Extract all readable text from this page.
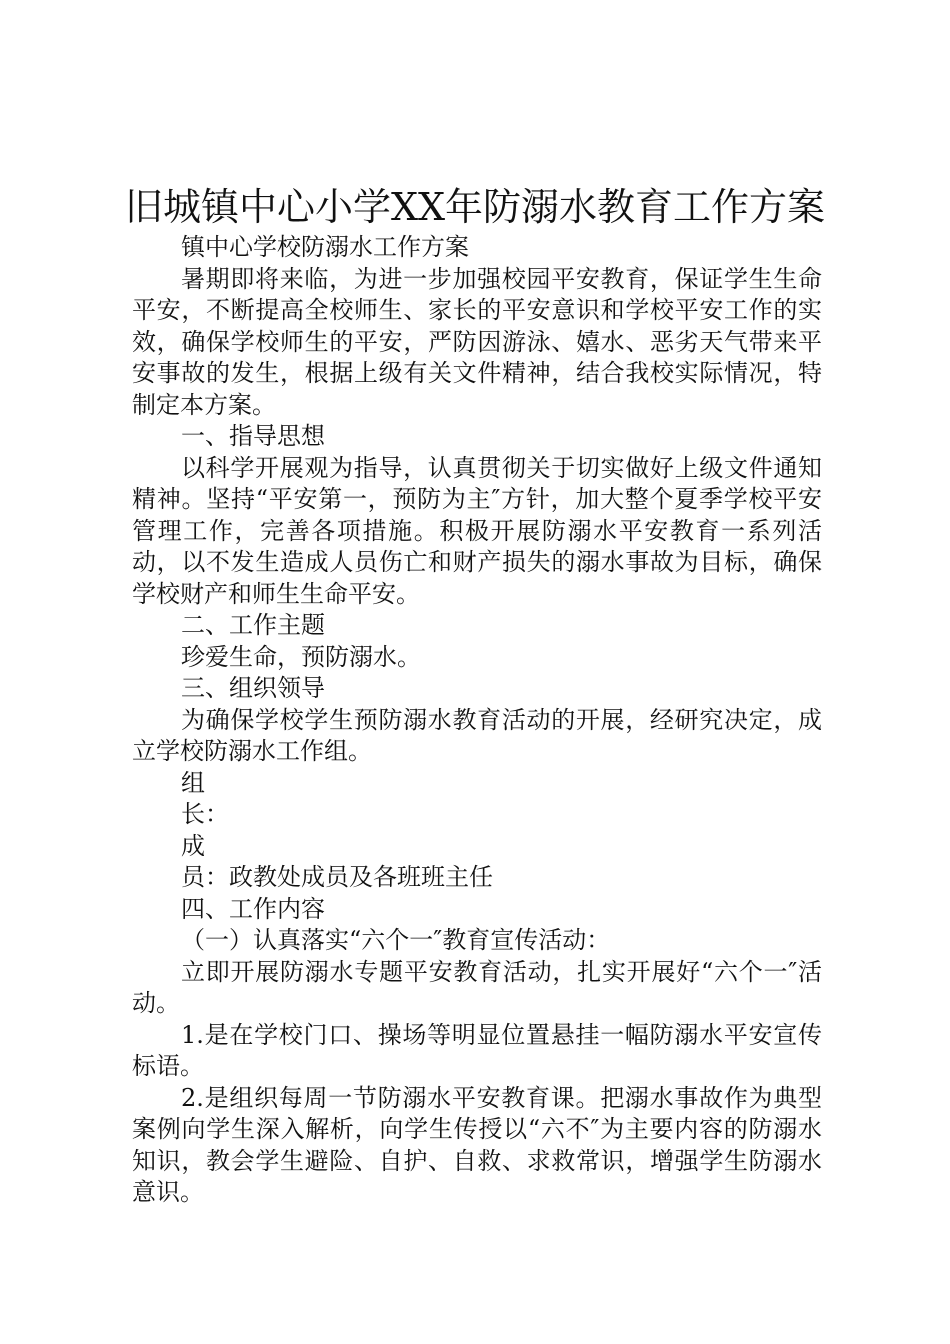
旧城镇中心小学XX年防溺水教育工作方案

镇中心学校防溺水工作方案

暑期即将来临，为进一步加强校园平安教育，保证学生生命平安，不断提高全校师生、家长的平安意识和学校平安工作的实效，确保学校师生的平安，严防因游泳、嬉水、恶劣天气带来平安事故的发生，根据上级有关文件精神，结合我校实际情况，特制定本方案。

一、指导思想

以科学开展观为指导，认真贯彻关于切实做好上级文件通知精神。坚持“平安第一，预防为主″方针，加大整个夏季学校平安管理工作，完善各项措施。积极开展防溺水平安教育一系列活动，以不发生造成人员伤亡和财产损失的溺水事故为目标，确保学校财产和师生生命平安。

二、工作主题

珍爱生命，预防溺水。

三、组织领导

为确保学校学生预防溺水教育活动的开展，经研究决定，成立学校防溺水工作组。

组

长：

成

员：政教处成员及各班班主任

四、工作内容

（一）认真落实“六个一″教育宣传活动：

立即开展防溺水专题平安教育活动，扎实开展好“六个一″活动。

1.是在学校门口、操场等明显位置悬挂一幅防溺水平安宣传标语。

2.是组织每周一节防溺水平安教育课。把溺水事故作为典型案例向学生深入解析，向学生传授以“六不″为主要内容的防溺水知识，教会学生避险、自护、自救、求救常识，增强学生防溺水意识。
